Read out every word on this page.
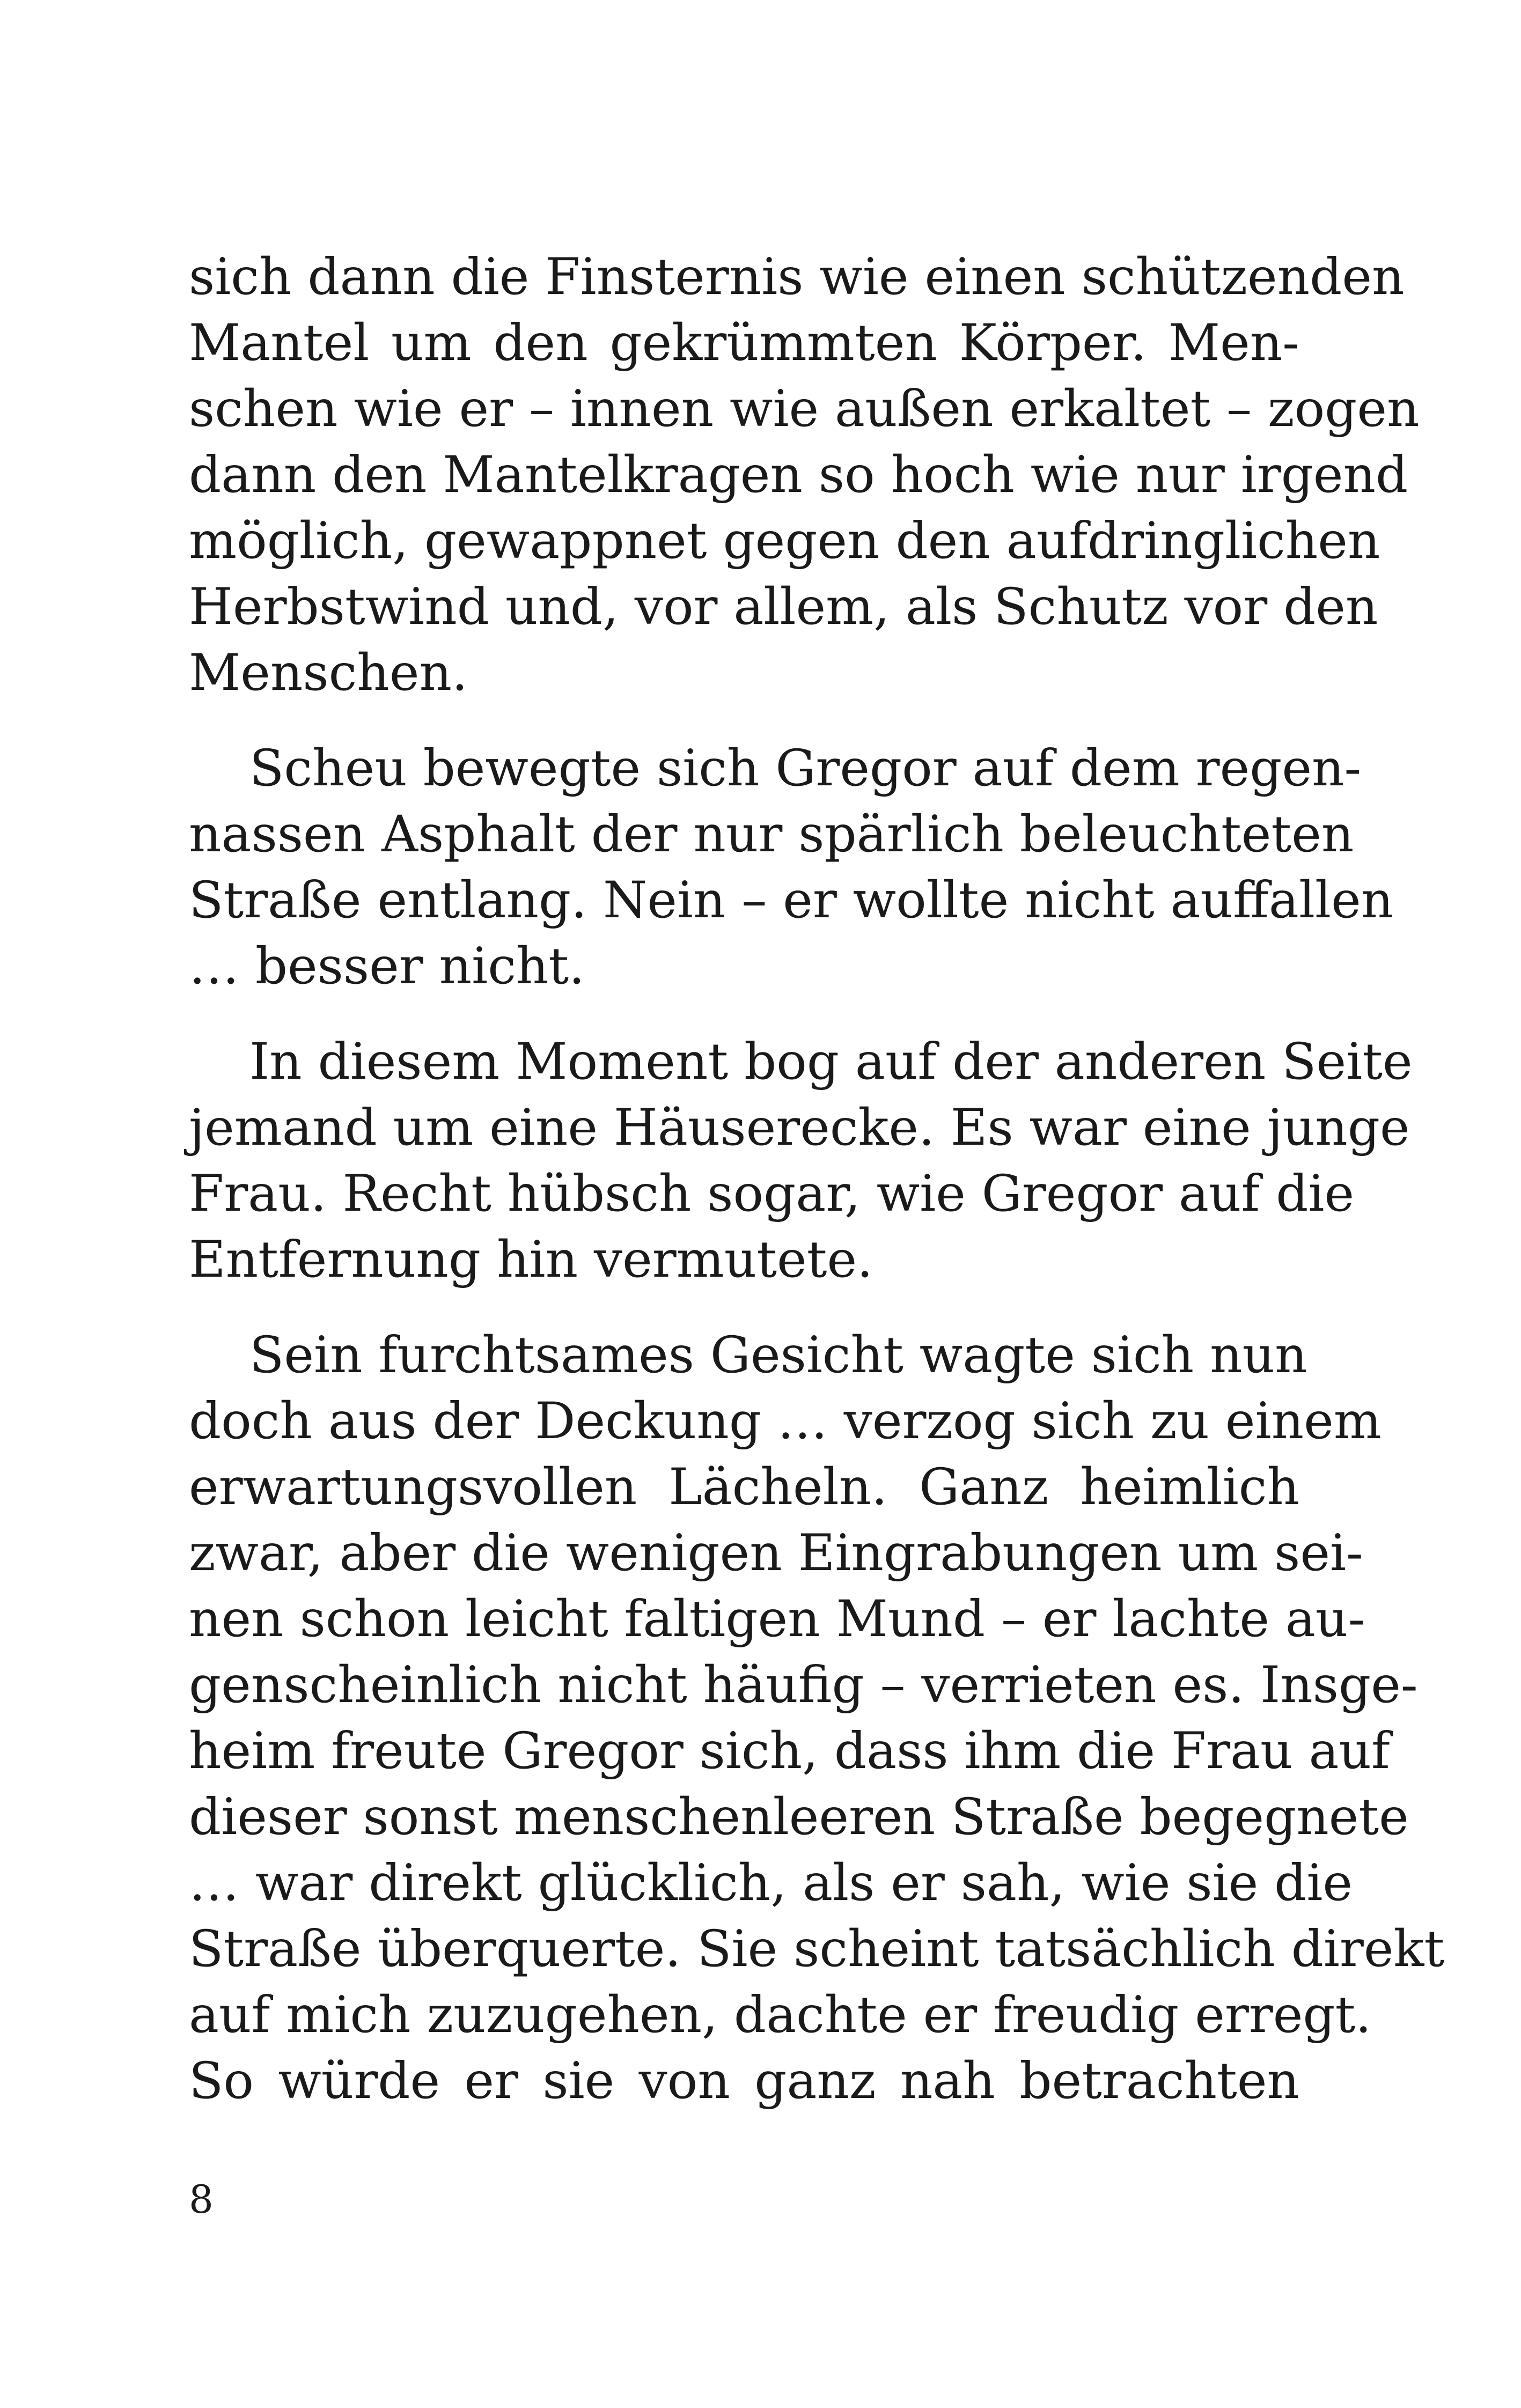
sich dann die Finsternis wie einen schützenden
Mantel um den gekrümmten Körper. Men-
schen wie er – innen wie außen erkaltet – zogen
dann den Mantelkragen so hoch wie nur irgend
möglich, gewappnet gegen den aufdringlichen
Herbstwind und, vor allem, als Schutz vor den
Menschen.
Scheu bewegte sich Gregor auf dem regen-
nassen Asphalt der nur spärlich beleuchteten
Straße entlang. Nein – er wollte nicht auffallen
… besser nicht.
In diesem Moment bog auf der anderen Seite
jemand um eine Häuserecke. Es war eine junge
Frau. Recht hübsch sogar, wie Gregor auf die
Entfernung hin vermutete.
Sein furchtsames Gesicht wagte sich nun
doch aus der Deckung … verzog sich zu einem
erwartungsvollen Lächeln. Ganz heimlich
zwar, aber die wenigen Eingrabungen um sei-
nen schon leicht faltigen Mund – er lachte au-
genscheinlich nicht häufig – verrieten es. Insge-
heim freute Gregor sich, dass ihm die Frau auf
dieser sonst menschenleeren Straße begegnete
… war direkt glücklich, als er sah, wie sie die
Straße überquerte. Sie scheint tatsächlich direkt
auf mich zuzugehen, dachte er freudig erregt.
So würde er sie von ganz nah betrachten
8
